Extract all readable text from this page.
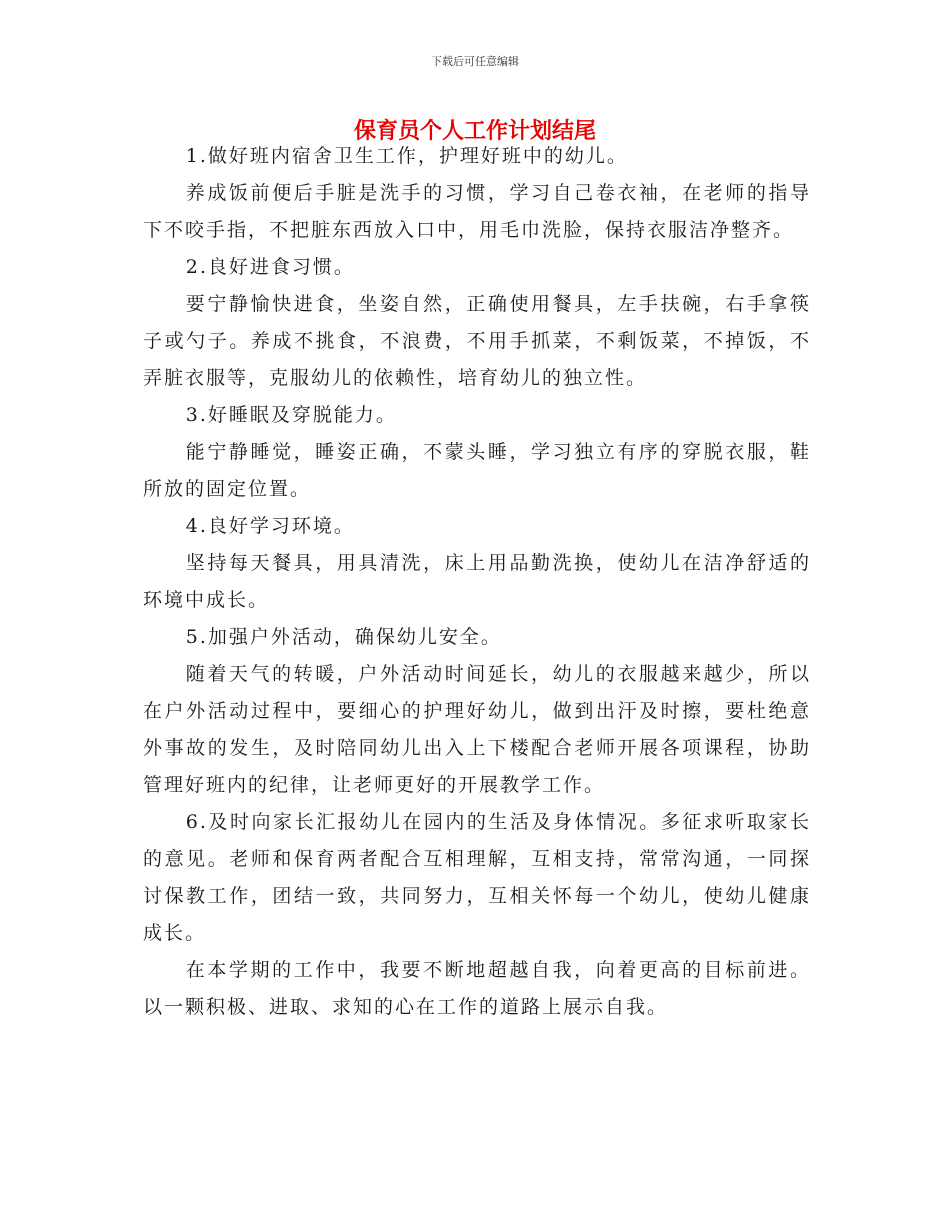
下载后可任意编辑
保育员个人工作计划结尾

1.做好班内宿舍卫生工作，护理好班中的幼儿。

养成饭前便后手脏是洗手的习惯，学习自己卷衣袖，在老师的指导下不咬手指，不把脏东西放入口中，用毛巾洗脸，保持衣服洁净整齐。

2.良好进食习惯。

要宁静愉快进食，坐姿自然，正确使用餐具，左手扶碗，右手拿筷子或勺子。养成不挑食，不浪费，不用手抓菜，不剩饭菜，不掉饭，不弄脏衣服等，克服幼儿的依赖性，培育幼儿的独立性。

3.好睡眠及穿脱能力。

能宁静睡觉，睡姿正确，不蒙头睡，学习独立有序的穿脱衣服，鞋所放的固定位置。

4.良好学习环境。

坚持每天餐具，用具清洗，床上用品勤洗换，使幼儿在洁净舒适的环境中成长。

5.加强户外活动，确保幼儿安全。

随着天气的转暖，户外活动时间延长，幼儿的衣服越来越少，所以在户外活动过程中，要细心的护理好幼儿，做到出汗及时擦，要杜绝意外事故的发生，及时陪同幼儿出入上下楼配合老师开展各项课程，协助管理好班内的纪律，让老师更好的开展教学工作。

6.及时向家长汇报幼儿在园内的生活及身体情况。多征求听取家长的意见。老师和保育两者配合互相理解，互相支持，常常沟通，一同探讨保教工作，团结一致，共同努力，互相关怀每一个幼儿，使幼儿健康成长。

在本学期的工作中，我要不断地超越自我，向着更高的目标前进。以一颗积极、进取、求知的心在工作的道路上展示自我。
